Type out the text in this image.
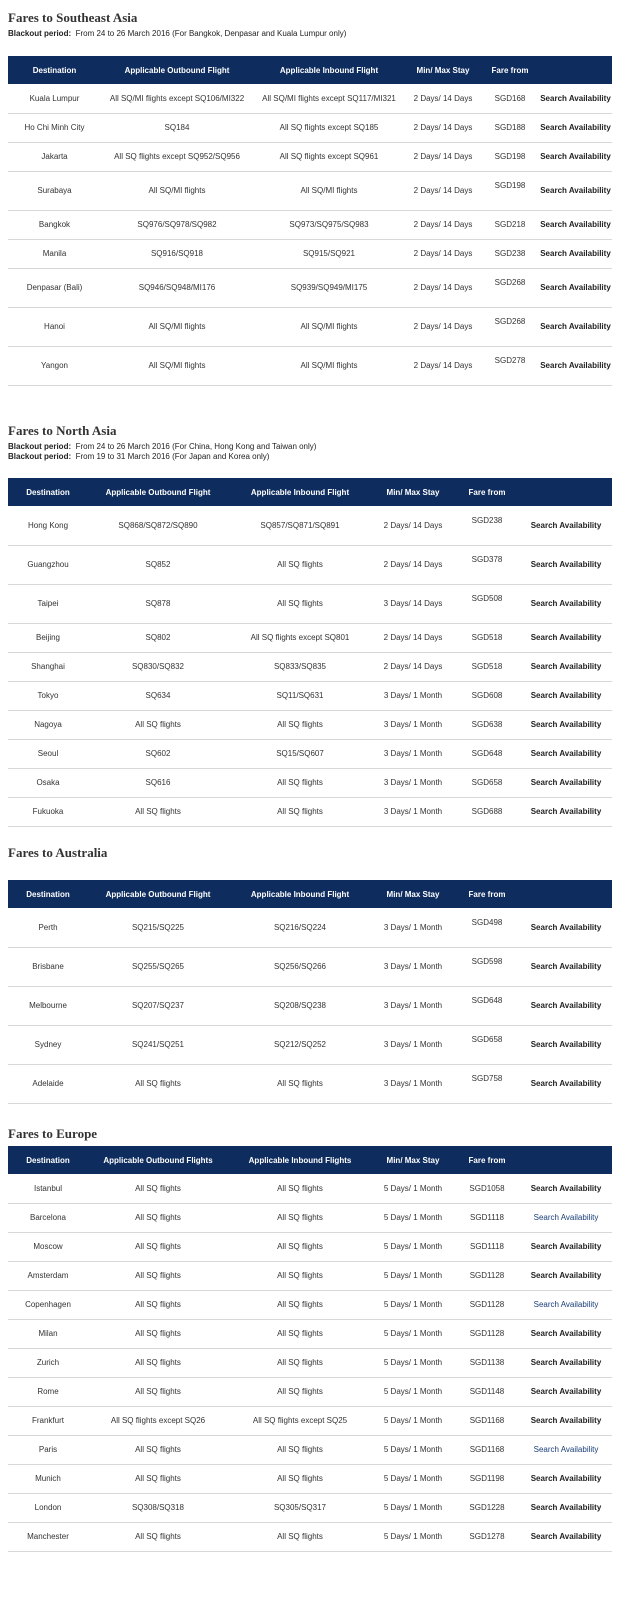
Fares to Southeast Asia
Blackout period: From 24 to 26 March 2016 (For Bangkok, Denpasar and Kuala Lumpur only)
Destination	Applicable Outbound Flight	Applicable Inbound Flight	Min/ Max Stay	Fare from	
Kuala Lumpur	All SQ/MI flights except SQ106/MI322	All SQ/MI flights except SQ117/MI321	2 Days/ 14 Days	SGD168	Search Availability
Ho Chi Minh City	SQ184	All SQ flights except SQ185	2 Days/ 14 Days	SGD188	Search Availability
Jakarta	All SQ flights except SQ952/SQ956	All SQ flights except SQ961	2 Days/ 14 Days	SGD198	Search Availability
Surabaya	All SQ/MI flights	All SQ/MI flights	2 Days/ 14 Days	SGD198	Search Availability
Bangkok	SQ976/SQ978/SQ982	SQ973/SQ975/SQ983	2 Days/ 14 Days	SGD218	Search Availability
Manila	SQ916/SQ918	SQ915/SQ921	2 Days/ 14 Days	SGD238	Search Availability
Denpasar (Bali)	SQ946/SQ948/MI176	SQ939/SQ949/MI175	2 Days/ 14 Days	SGD268	Search Availability
Hanoi	All SQ/MI flights	All SQ/MI flights	2 Days/ 14 Days	SGD268	Search Availability
Yangon	All SQ/MI flights	All SQ/MI flights	2 Days/ 14 Days	SGD278	Search Availability
Fares to North Asia
Blackout period: From 24 to 26 March 2016 (For China, Hong Kong and Taiwan only)
Blackout period: From 19 to 31 March 2016 (For Japan and Korea only)
Destination	Applicable Outbound Flight	Applicable Inbound Flight	Min/ Max Stay	Fare from	
Hong Kong	SQ868/SQ872/SQ890	SQ857/SQ871/SQ891	2 Days/ 14 Days	SGD238	Search Availability
Guangzhou	SQ852	All SQ flights	2 Days/ 14 Days	SGD378	Search Availability
Taipei	SQ878	All SQ flights	3 Days/ 14 Days	SGD508	Search Availability
Beijing	SQ802	All SQ flights except SQ801	2 Days/ 14 Days	SGD518	Search Availability
Shanghai	SQ830/SQ832	SQ833/SQ835	2 Days/ 14 Days	SGD518	Search Availability
Tokyo	SQ634	SQ11/SQ631	3 Days/ 1 Month	SGD608	Search Availability
Nagoya	All SQ flights	All SQ flights	3 Days/ 1 Month	SGD638	Search Availability
Seoul	SQ602	SQ15/SQ607	3 Days/ 1 Month	SGD648	Search Availability
Osaka	SQ616	All SQ flights	3 Days/ 1 Month	SGD658	Search Availability
Fukuoka	All SQ flights	All SQ flights	3 Days/ 1 Month	SGD688	Search Availability
Fares to Australia
Destination	Applicable Outbound Flight	Applicable Inbound Flight	Min/ Max Stay	Fare from	
Perth	SQ215/SQ225	SQ216/SQ224	3 Days/ 1 Month	SGD498	Search Availability
Brisbane	SQ255/SQ265	SQ256/SQ266	3 Days/ 1 Month	SGD598	Search Availability
Melbourne	SQ207/SQ237	SQ208/SQ238	3 Days/ 1 Month	SGD648	Search Availability
Sydney	SQ241/SQ251	SQ212/SQ252	3 Days/ 1 Month	SGD658	Search Availability
Adelaide	All SQ flights	All SQ flights	3 Days/ 1 Month	SGD758	Search Availability
Fares to Europe
Destination	Applicable Outbound Flights	Applicable Inbound Flights	Min/ Max Stay	Fare from	
Istanbul	All SQ flights	All SQ flights	5 Days/ 1 Month	SGD1058	Search Availability
Barcelona	All SQ flights	All SQ flights	5 Days/ 1 Month	SGD1118	Search Availability
Moscow	All SQ flights	All SQ flights	5 Days/ 1 Month	SGD1118	Search Availability
Amsterdam	All SQ flights	All SQ flights	5 Days/ 1 Month	SGD1128	Search Availability
Copenhagen	All SQ flights	All SQ flights	5 Days/ 1 Month	SGD1128	Search Availability
Milan	All SQ flights	All SQ flights	5 Days/ 1 Month	SGD1128	Search Availability
Zurich	All SQ flights	All SQ flights	5 Days/ 1 Month	SGD1138	Search Availability
Rome	All SQ flights	All SQ flights	5 Days/ 1 Month	SGD1148	Search Availability
Frankfurt	All SQ flights except SQ26	All SQ flights except SQ25	5 Days/ 1 Month	SGD1168	Search Availability
Paris	All SQ flights	All SQ flights	5 Days/ 1 Month	SGD1168	Search Availability
Munich	All SQ flights	All SQ flights	5 Days/ 1 Month	SGD1198	Search Availability
London	SQ308/SQ318	SQ305/SQ317	5 Days/ 1 Month	SGD1228	Search Availability
Manchester	All SQ flights	All SQ flights	5 Days/ 1 Month	SGD1278	Search Availability
